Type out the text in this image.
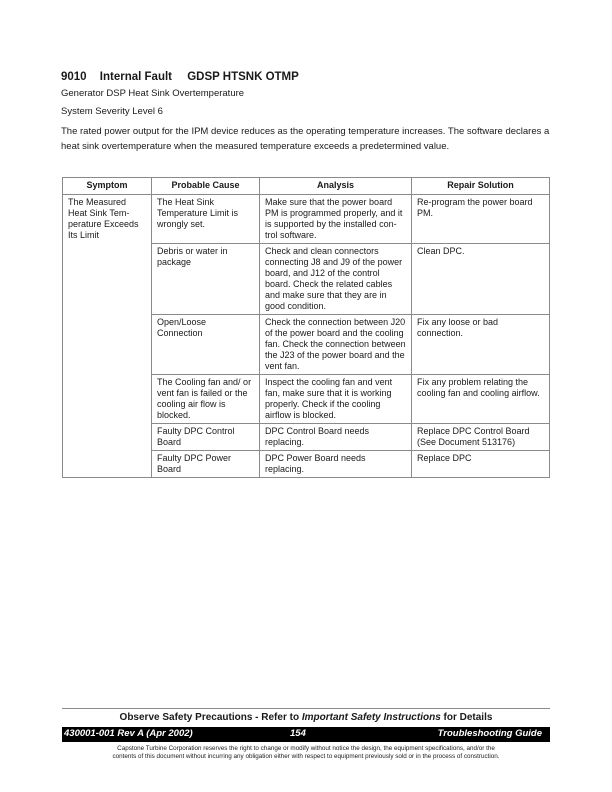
9010 Internal Fault GDSP HTSNK OTMP
Generator DSP Heat Sink Overtemperature
System Severity Level 6
The rated power output for the IPM device reduces as the operating temperature increases. The software declares a heat sink overtemperature when the measured temperature exceeds a predetermined value.
Symptom	Probable Cause	Analysis	Repair Solution
The Measured Heat Sink Tem-perature Exceeds Its Limit	The Heat Sink Temperature Limit is wrongly set.	Make sure that the power board PM is programmed properly, and it is supported by the installed con-trol software.	Re-program the power board PM.
	Debris or water in package	Check and clean connectors connecting J8 and J9 of the power board, and J12 of the control board. Check the related cables and make sure that they are in good condition.	Clean DPC.
	Open/Loose Connection	Check the connection between J20 of the power board and the cooling fan. Check the connection between the J23 of the power board and the vent fan.	Fix any loose or bad connection.
	The Cooling fan and/ or vent fan is failed or the cooling air flow is blocked.	Inspect the cooling fan and vent fan, make sure that it is working properly. Check if the cooling airflow is blocked.	Fix any problem relating the cooling fan and cooling airflow.
	Faulty DPC Control Board	DPC Control Board needs replacing.	Replace DPC Control Board (See Document 513176)
	Faulty DPC Power Board	DPC Power Board needs replacing.	Replace DPC
Observe Safety Precautions - Refer to Important Safety Instructions for Details
430001-001 Rev A (Apr 2002)	154	Troubleshooting Guide
Capstone Turbine Corporation reserves the right to change or modify without notice the design, the equipment specifications, and/or the
contents of this document without incurring any obligation either with respect to equipment previously sold or in the process of construction.
